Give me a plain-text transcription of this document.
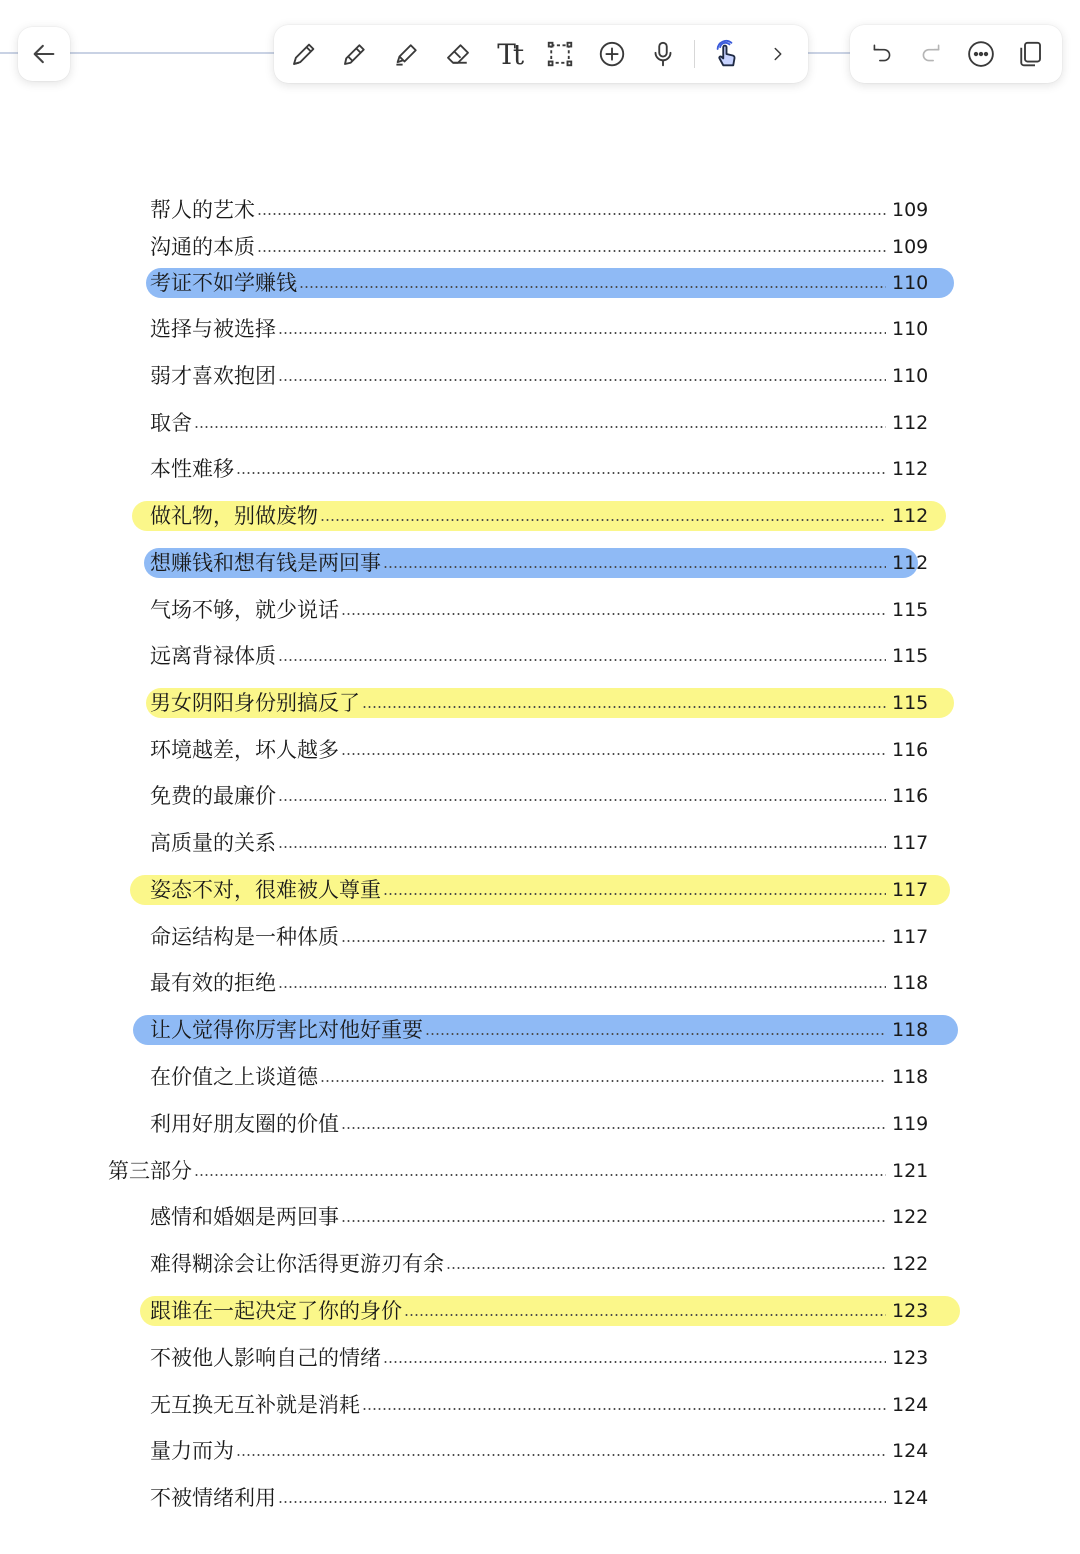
Tt
帮人的艺术	109
沟通的本质	109
考证不如学赚钱	110
选择与被选择	110
弱才喜欢抱团	110
取舍	112
本性难移	112
做礼物，别做废物	112
想赚钱和想有钱是两回事	112
气场不够，就少说话	115
远离背禄体质	115
男女阴阳身份别搞反了	115
环境越差，坏人越多	116
免费的最廉价	116
高质量的关系	117
姿态不对，很难被人尊重	117
命运结构是一种体质	117
最有效的拒绝	118
让人觉得你厉害比对他好重要	118
在价值之上谈道德	118
利用好朋友圈的价值	119
第三部分	121
感情和婚姻是两回事	122
难得糊涂会让你活得更游刃有余	122
跟谁在一起决定了你的身价	123
不被他人影响自己的情绪	123
无互换无互补就是消耗	124
量力而为	124
不被情绪利用	124
